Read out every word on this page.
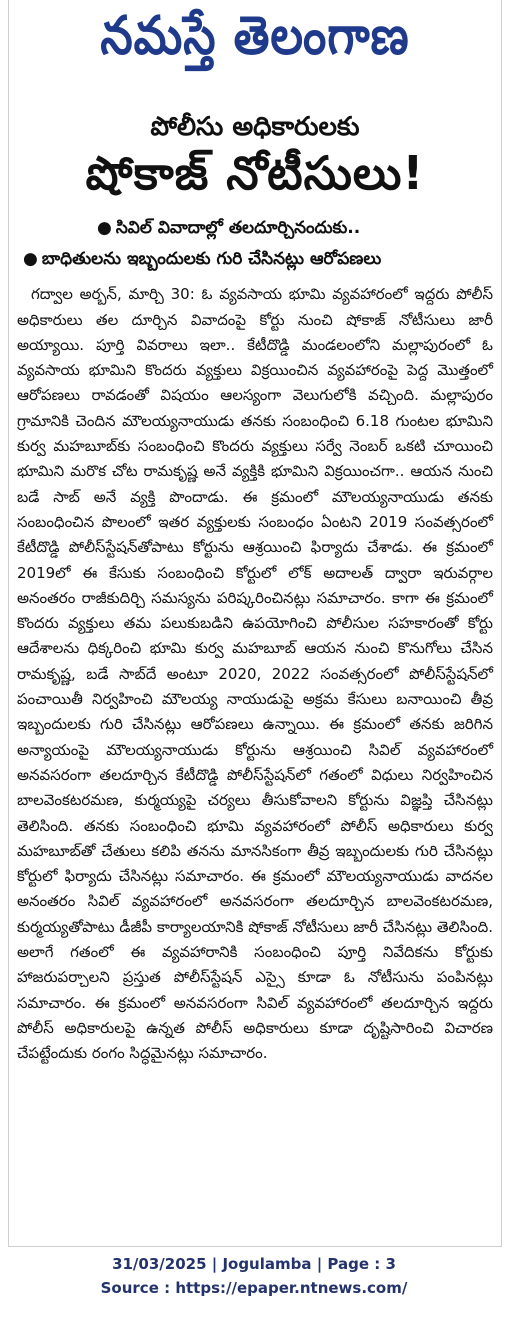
నమస్తే తెలంగాణ
పోలీసు అధికారులకు
షోకాజ్ నోటీసులు!
● సివిల్ వివాదాల్లో తలదూర్చినందుకు..
● బాధితులను ఇబ్బందులకు గురి చేసినట్లు ఆరోపణలు
గద్వాల అర్బన్, మార్చి 30: ఓ వ్యవసాయ భూమి వ్యవహారంలో ఇద్దరు పోలీస్ అధికారులు తల దూర్చిన వివాదంపై కోర్టు నుంచి షోకాజ్ నోటీసులు జారీ అయ్యాయి. పూర్తి వివరాలు ఇలా.. కేటీదొడ్డి మండలంలోని మల్లాపురంలో ఓ వ్యవసాయ భూమిని కొందరు వ్యక్తులు విక్రయించిన వ్యవహారంపై పెద్ద మొత్తంలో ఆరోపణలు రావడంతో విషయం ఆలస్యంగా వెలుగులోకి వచ్చింది. మల్లాపురం గ్రామానికి చెందిన మౌలయ్యనాయుడు తనకు సంబంధించి 6.18 గుంటల భూమిని కుర్వ మహబూబ్‌కు సంబంధించి కొందరు వ్యక్తులు సర్వే నెంబర్ ఒకటి చూయించి భూమిని మరొక చోట రామకృష్ణ అనే వ్యక్తికి భూమిని విక్రయించగా.. ఆయన నుంచి బడే సాబ్ అనే వ్యక్తి పొందాడు. ఈ క్రమంలో మౌలయ్యనాయుడు తనకు సంబంధించిన పొలంలో ఇతర వ్యక్తులకు సంబంధం ఏంటని 2019 సంవత్సరంలో కేటీదొడ్డి పోలీస్‌స్టేషన్‌తోపాటు కోర్టును ఆశ్రయించి ఫిర్యాదు చేశాడు. ఈ క్రమంలో 2019లో ఈ కేసుకు సంబంధించి కోర్టులో లోక్ అదాలత్ ద్వారా ఇరువర్గాల అనంతరం రాజీకుదిర్చి సమస్యను పరిష్కరించినట్లు సమాచారం. కాగా ఈ క్రమంలో కొందరు వ్యక్తులు తమ పలుకుబడిని ఉపయోగించి పోలీసుల సహకారంతో కోర్టు ఆదేశాలను ధిక్కరించి భూమి కుర్వ మహబూబ్ ఆయన నుంచి కొనుగోలు చేసిన రామకృష్ణ, బడే సాబ్‌దే అంటూ 2020, 2022 సంవత్సరంలో పోలీస్‌స్టేషన్‌లో పంచాయితీ నిర్వహించి మౌలయ్య నాయుడుపై అక్రమ కేసులు బనాయించి తీవ్ర ఇబ్బందులకు గురి చేసినట్లు ఆరోపణలు ఉన్నాయి. ఈ క్రమంలో తనకు జరిగిన అన్యాయంపై మౌలయ్యనాయుడు కోర్టును ఆశ్రయించి సివిల్ వ్యవహారంలో అనవసరంగా తలదూర్చిన కేటీదొడ్డి పోలీస్‌స్టేషన్‌లో గతంలో విధులు నిర్వహించిన బాలవెంకటరమణ, కుర్మయ్యపై చర్యలు తీసుకోవాలని కోర్టును విజ్ఞప్తి చేసినట్లు తెలిసింది. తనకు సంబంధించి భూమి వ్యవహారంలో పోలీస్ అధికారులు కుర్వ మహబూబ్‌తో చేతులు కలిపి తనను మానసికంగా తీవ్ర ఇబ్బందులకు గురి చేసినట్లు కోర్టులో ఫిర్యాదు చేసినట్లు సమాచారం. ఈ క్రమంలో మౌలయ్యనాయుడు వాదనల అనంతరం సివిల్ వ్యవహారంలో అనవసరంగా తలదూర్చిన బాలవెంకటరమణ, కుర్మయ్యతోపాటు డీజీపీ కార్యాలయానికి షోకాజ్ నోటీసులు జారీ చేసినట్లు తెలిసింది. అలాగే గతంలో ఈ వ్యవహారానికి సంబంధించి పూర్తి నివేదికను కోర్టుకు హాజరుపర్చాలని ప్రస్తుత పోలీస్‌స్టేషన్ ఎస్సై కూడా ఓ నోటీసును పంపినట్లు సమాచారం. ఈ క్రమంలో అనవసరంగా సివిల్ వ్యవహారంలో తలదూర్చిన ఇద్దరు పోలీస్ అధికారులపై ఉన్నత పోలీస్ అధికారులు కూడా దృష్టిసారించి విచారణ చేపట్టేందుకు రంగం సిద్ధమైనట్లు సమాచారం.
31/03/2025 | Jogulamba | Page : 3
Source : https://epaper.ntnews.com/
